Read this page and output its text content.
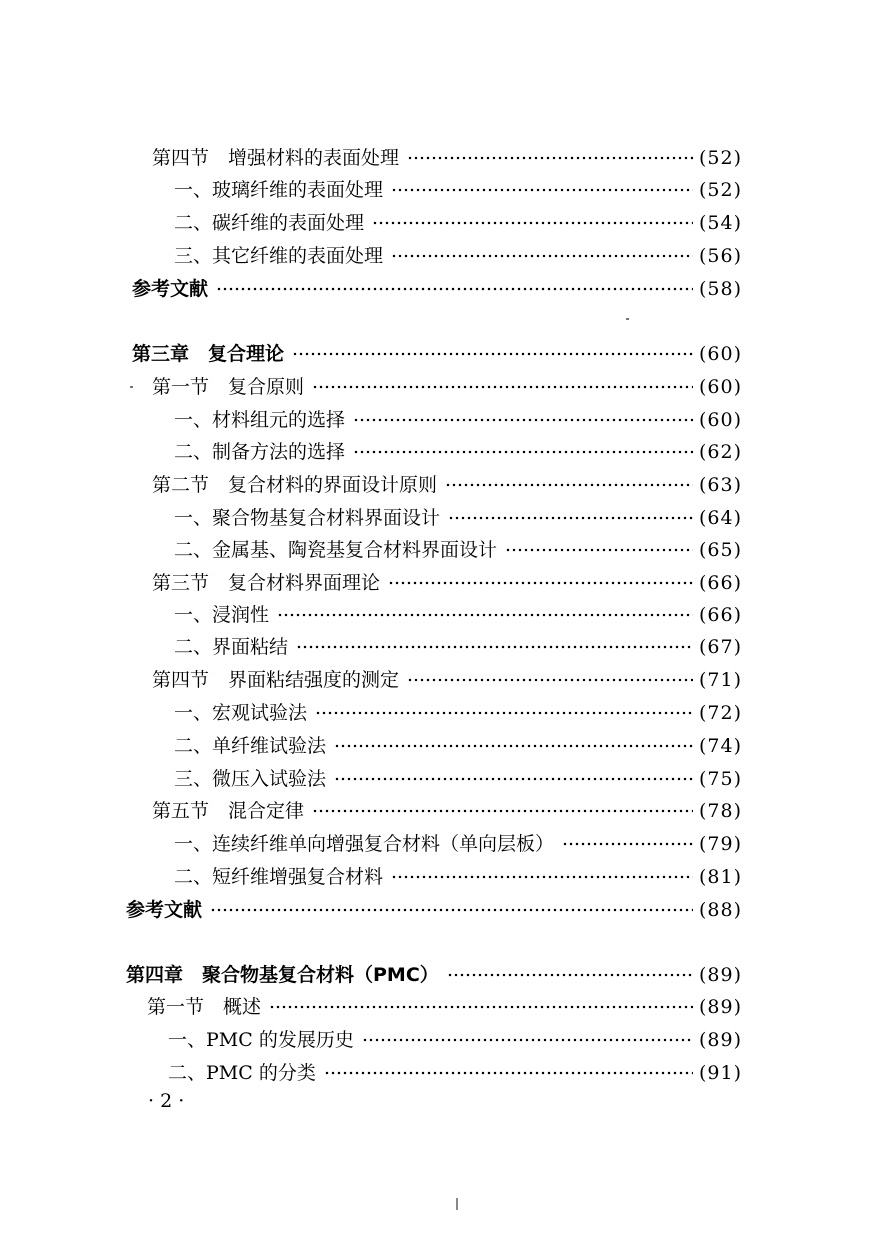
第四节　增强材料的表面处理	(52)
一、玻璃纤维的表面处理	(52)
二、碳纤维的表面处理	(54)
三、其它纤维的表面处理	(56)
参考文献	(58)
第三章　复合理论	(60)
第一节　复合原则	(60)
一、材料组元的选择	(60)
二、制备方法的选择	(62)
第二节　复合材料的界面设计原则	(63)
一、聚合物基复合材料界面设计	(64)
二、金属基、陶瓷基复合材料界面设计	(65)
第三节　复合材料界面理论	(66)
一、浸润性	(66)
二、界面粘结	(67)
第四节　界面粘结强度的测定	(71)
一、宏观试验法	(72)
二、单纤维试验法	(74)
三、微压入试验法	(75)
第五节　混合定律	(78)
一、连续纤维单向增强复合材料（单向层板）	(79)
二、短纤维增强复合材料	(81)
参考文献	(88)
第四章　聚合物基复合材料（PMC）	(89)
第一节　概述	(89)
一、PMC 的发展历史	(89)
二、PMC 的分类	(91)
· 2 ·
